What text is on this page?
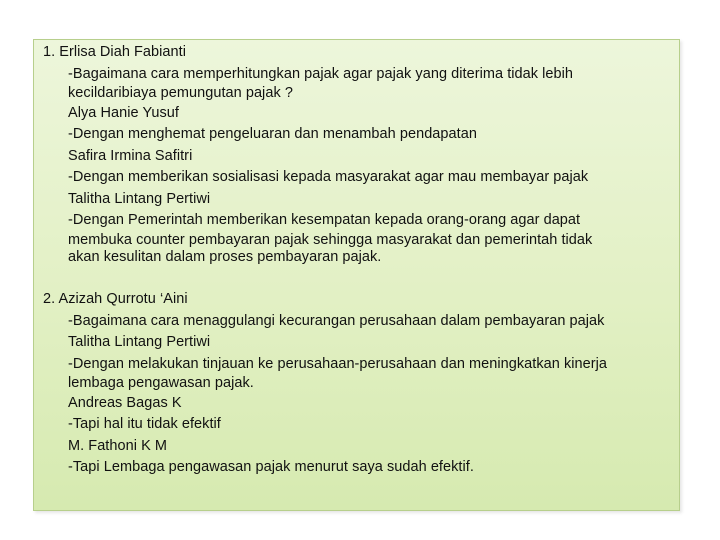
1. Erlisa Diah Fabianti
-Bagaimana cara memperhitungkan pajak agar pajak yang diterima tidak lebih
kecildaribiaya pemungutan pajak ?
Alya Hanie Yusuf
-Dengan menghemat pengeluaran dan menambah pendapatan
Safira Irmina Safitri
-Dengan memberikan sosialisasi kepada masyarakat agar mau membayar pajak
Talitha Lintang Pertiwi
-Dengan Pemerintah memberikan kesempatan kepada orang-orang agar dapat
membuka counter pembayaran pajak sehingga masyarakat dan pemerintah tidak
akan kesulitan dalam proses pembayaran pajak.
2. Azizah Qurrotu ‘Aini
-Bagaimana cara menaggulangi kecurangan perusahaan dalam pembayaran pajak
Talitha Lintang Pertiwi
-Dengan melakukan tinjauan ke perusahaan-perusahaan dan meningkatkan kinerja
lembaga pengawasan pajak.
Andreas Bagas K
-Tapi hal itu tidak efektif
M. Fathoni K M
-Tapi Lembaga pengawasan pajak menurut saya sudah efektif.
